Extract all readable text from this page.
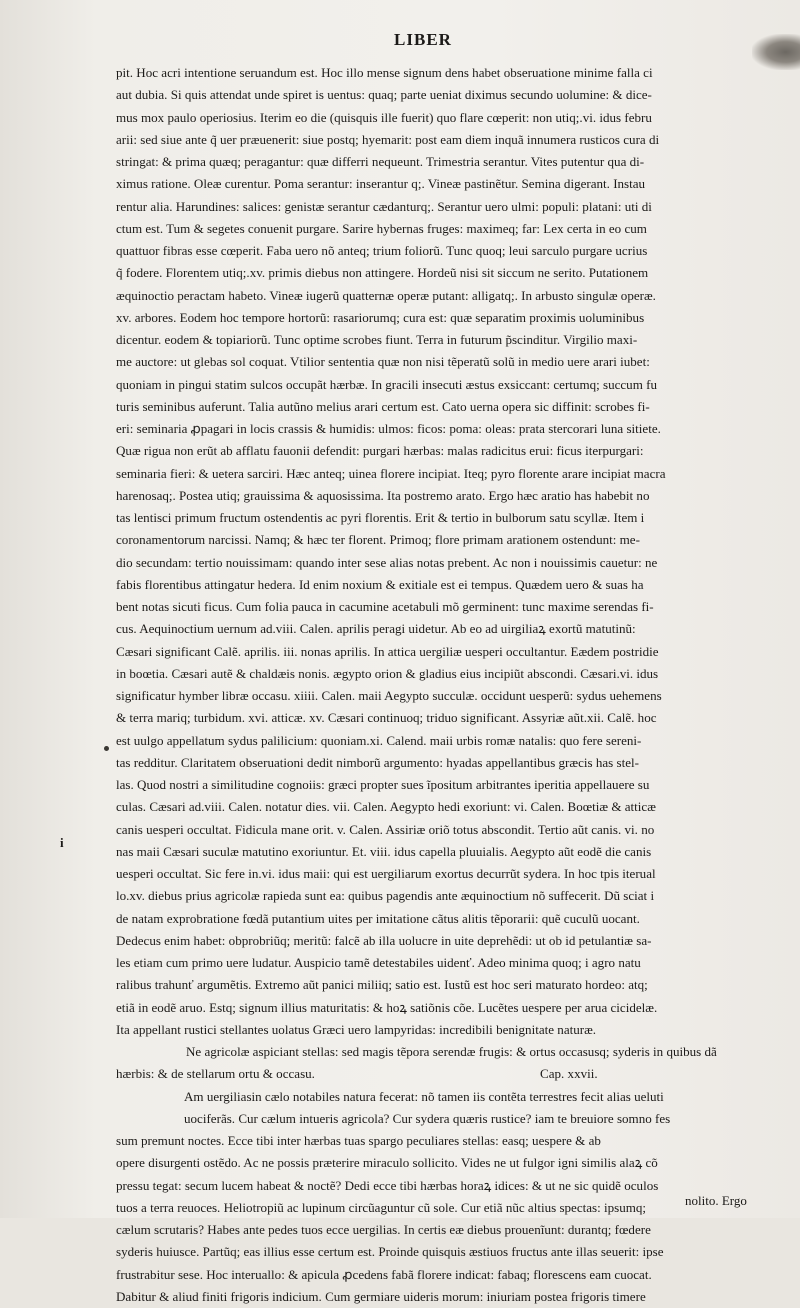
LIBER
pit. Hoc acri intentione seruandum est. Hoc illo mense signum dens habet obseruatione minime falla ci
aut dubia. Si quis attendat unde spiret is uentus: quaq; parte ueniat diximus secundo uolumine: & dice-
mus mox paulo operiosius. Iterim eo die (quisquis ille fuerit) quo flare cœperit: non utiq;.vi. idus febru
arii: sed siue ante q̃ uer præuenerit: siue postq; hyemarit: post eam diem inquã innumera rusticos cura di
stringat: & prima quæq; peragantur: quæ differri nequeunt. Trimestria serantur. Vites putentur qua di-
ximus ratione. Oleæ curentur. Poma serantur: inserantur q;. Vineæ pastinẽtur. Semina digerant. Instau
rentur alia. Harundines: salices: genistæ serantur cædanturq;. Serantur uero ulmi: populi: platani: uti di
ctum est. Tum & segetes conuenit purgare. Sarire hybernas fruges: maximeq; far: Lex certa in eo cum
quattuor fibras esse cœperit. Faba uero nõ anteq; trium foliorũ. Tunc quoq; leui sarculo purgare ucrius
q̃ fodere. Florentem utiq;.xv. primis diebus non attingere. Hordeũ nisi sit siccum ne serito. Putationem
æquinoctio peractam habeto. Vineæ iugerũ quatternæ operæ putant: alligatq;. In arbusto singulæ operæ.
xv. arbores. Eodem hoc tempore hortorũ: rasariorumq; cura est: quæ separatim proximis uoluminibus
dicentur. eodem & topiariorũ. Tunc optime scrobes fiunt. Terra in futurum p̃scinditur. Virgilio maxi-
me auctore: ut glebas sol coquat. Vtilior sententia quæ non nisi tẽperatũ solũ in medio uere arari iubet:
quoniam in pingui statim sulcos occupãt hærbæ. In gracili insecuti æstus exsiccant: certumq; succum fu
turis seminibus auferunt. Talia autũno melius arari certum est. Cato uerna opera sic diffinit: scrobes fi-
eri: seminaria ꝓpagari in locis crassis & humidis: ulmos: ficos: poma: oleas: prata stercorari luna sitiete.
Quæ rigua non erũt ab afflatu fauonii defendit: purgari hærbas: malas radicitus erui: ficus iterpurgari:
seminaria fieri: & uetera sarciri. Hæc anteq; uinea florere incipiat. Iteq; pyro florente arare incipiat macra
harenosaq;. Postea utiq; grauissima & aquosissima. Ita postremo arato. Ergo hæc aratio has habebit no
tas lentisci primum fructum ostendentis ac pyri florentis. Erit & tertio in bulborum satu scyllæ. Item i
coronamentorum narcissi. Namq; & hæc ter florent. Primoq; flore primam arationem ostendunt: me-
dio secundam: tertio nouissimam: quando inter sese alias notas prebent. Ac non i nouissimis cauetur: ne
fabis florentibus attingatur hedera. Id enim noxium & exitiale est ei tempus. Quædem uero & suas ha
bent notas sicuti ficus. Cum folia pauca in cacumine acetabuli mõ germinent: tunc maxime serendas fi-
cus. Aequinoctium uernum ad.viii. Calen. aprilis peragi uidetur. Ab eo ad uirgiliaꝝ exortũ matutinũ:
Cæsari significant Calẽ. aprilis. iii. nonas aprilis. In attica uergiliæ uesperi occultantur. Eædem postridie
in boœtia. Cæsari autẽ & chaldæis nonis. ægypto orion & gladius eius incipiũt abscondi. Cæsari.vi. idus
significatur hymber libræ occasu. xiiii. Calen. maii Aegypto succulæ. occidunt uesperũ: sydus uehemens
& terra mariq; turbidum. xvi. atticæ. xv. Cæsari continuoq; triduo significant. Assyriæ aũt.xii. Calẽ. hoc
est uulgo appellatum sydus palilicium: quoniam.xi. Calend. maii urbis romæ natalis: quo fere sereni-
tas redditur. Claritatem obseruationi dedit nimborũ argumento: hyadas appellantibus græcis has stel-
las. Quod nostri a similitudine cognoiis: græci propter sues ĩpositum arbitrantes iperitia appellauere su
culas. Cæsari ad.viii. Calen. notatur dies. vii. Calen. Aegypto hedi exoriunt: vi. Calen. Boœtiæ & atticæ
canis uesperi occultat. Fidicula mane orit. v. Calen. Assiriæ oriõ totus abscondit. Tertio aũt canis. vi. no
nas maii Cæsari suculæ matutino exoriuntur. Et. viii. idus capella pluuialis. Aegypto aũt eodẽ die canis
uesperi occultat. Sic fere in.vi. idus maii: qui est uergiliarum exortus decurrũt sydera. In hoc tpis iterual
lo.xv. diebus prius agricolæ rapieda sunt ea: quibus pagendis ante æquinoctium nõ suffecerit. Dũ sciat i
de natam exprobratione fœdã putantium uites per imitatione cãtus alitis tẽporarii: quẽ cuculũ uocant.
Dedecus enim habet: obprobriũq; meritũ: falcẽ ab illa uolucre in uite deprehẽdi: ut ob id petulantiæ sa-
les etiam cum primo uere ludatur. Auspicio tamẽ detestabiles uidenť. Adeo minima quoq; i agro natu
ralibus trahunť argumẽtis. Extremo aũt panici miliiq; satio est. Iustũ est hoc seri maturato hordeo: atq;
etiã in eodẽ aruo. Estq; signum illius maturitatis: & hoꝝ satiõnis cõe. Lucẽtes uespere per arua cicidelæ.
Ita appellant rustici stellantes uolatus Græci uero lampyridas: incredibili benignitate naturæ.
Ne agricolæ aspiciant stellas: sed magis tẽpora serendæ frugis: & ortus occasusq; syderis in quibus dã
hærbis: & de stellarum ortu & occasu.	Cap. xxvii.
Am uergiliasin cælo notabiles natura fecerat: nõ tamen iis contẽta terrestres fecit alias ueluti
uociferãs. Cur cælum intueris agricola? Cur sydera quæris rustice? iam te breuiore somno fes
sum premunt noctes. Ecce tibi inter hærbas tuas spargo peculiares stellas: easq; uespere & ab
opere disurgenti ostẽdo. Ac ne possis præterire miraculo sollicito. Vides ne ut fulgor igni similis alaꝝ cõ
pressu tegat: secum lucem habeat & noctẽ? Dedi ecce tibi hærbas horaꝝ idices: & ut ne sic quidẽ oculos
tuos a terra reuoces. Heliotropiũ ac lupinum circũaguntur cũ sole. Cur etiã nũc altius spectas: ipsumq;
cælum scrutaris? Habes ante pedes tuos ecce uergilias. In certis eæ diebus prouenĩunt: durantq; fœdere
syderis huiusce. Partũq; eas illius esse certum est. Proinde quisquis æstiuos fructus ante illas seuerit: ipse
frustrabitur sese. Hoc interuallo: & apicula ꝓcedens fabã florere indicat: fabaq; florescens eam cuocat.
Dabitur & aliud finiti frigoris indicium. Cum germiare uideris morum: iniuriam postea frigoris timere
i
nolito. Ergo
